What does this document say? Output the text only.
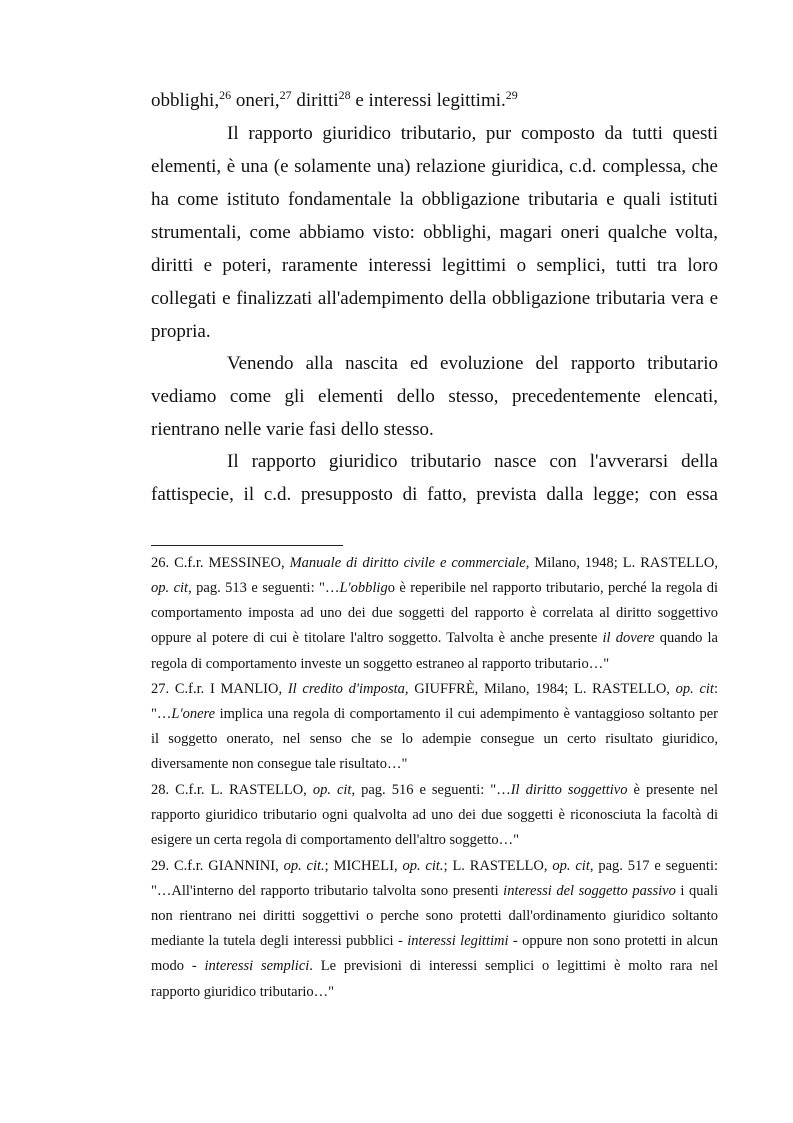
obblighi,$^{26}$ oneri,$^{27}$ diritti$^{28}$ e interessi legittimi.$^{29}$
Il rapporto giuridico tributario, pur composto da tutti questi
elementi, è una (e solamente una) relazione giuridica, c.d. complessa, che
ha come istituto fondamentale la obbligazione tributaria e quali istituti
strumentali, come abbiamo visto: obblighi, magari oneri qualche volta,
diritti e poteri, raramente interessi legittimi o semplici, tutti tra loro
collegati e finalizzati all'adempimento della obbligazione tributaria vera e
propria.
Venendo alla nascita ed evoluzione del rapporto tributario
vediamo come gli elementi dello stesso, precedentemente elencati,
rientrano nelle varie fasi dello stesso.
Il rapporto giuridico tributario nasce con l'avverarsi della
fattispecie, il c.d. presupposto di fatto, prevista dalla legge; con essa
26. C.f.r. MESSINEO, Manuale di diritto civile e commerciale, Milano, 1948; L. RASTELLO,
op. cit, pag. 513 e seguenti: "…L'obbligo è reperibile nel rapporto tributario, perché la regola di
comportamento imposta ad uno dei due soggetti del rapporto è correlata al diritto soggettivo
oppure al potere di cui è titolare l'altro soggetto. Talvolta è anche presente il dovere quando la
regola di comportamento investe un soggetto estraneo al rapporto tributario…"
27. C.f.r. I MANLIO, Il credito d'imposta, GIUFFRÈ, Milano, 1984; L. RASTELLO, op. cit:
"…L'onere implica una regola di comportamento il cui adempimento è vantaggioso soltanto per
il soggetto onerato, nel senso che se lo adempie consegue un certo risultato giuridico,
diversamente non consegue tale risultato…"
28. C.f.r. L. RASTELLO, op. cit, pag. 516 e seguenti: "…Il diritto soggettivo è presente nel
rapporto giuridico tributario ogni qualvolta ad uno dei due soggetti è riconosciuta la facoltà di
esigere un certa regola di comportamento dell'altro soggetto…"
29. C.f.r. GIANNINI, op. cit.; MICHELI, op. cit.; L. RASTELLO, op. cit, pag. 517 e seguenti:
"…All'interno del rapporto tributario talvolta sono presenti interessi del soggetto passivo i quali
non rientrano nei diritti soggettivi o perche sono protetti dall'ordinamento giuridico soltanto
mediante la tutela degli interessi pubblici - interessi legittimi - oppure non sono protetti in alcun
modo - interessi semplici. Le previsioni di interessi semplici o legittimi è molto rara nel
rapporto giuridico tributario…"
